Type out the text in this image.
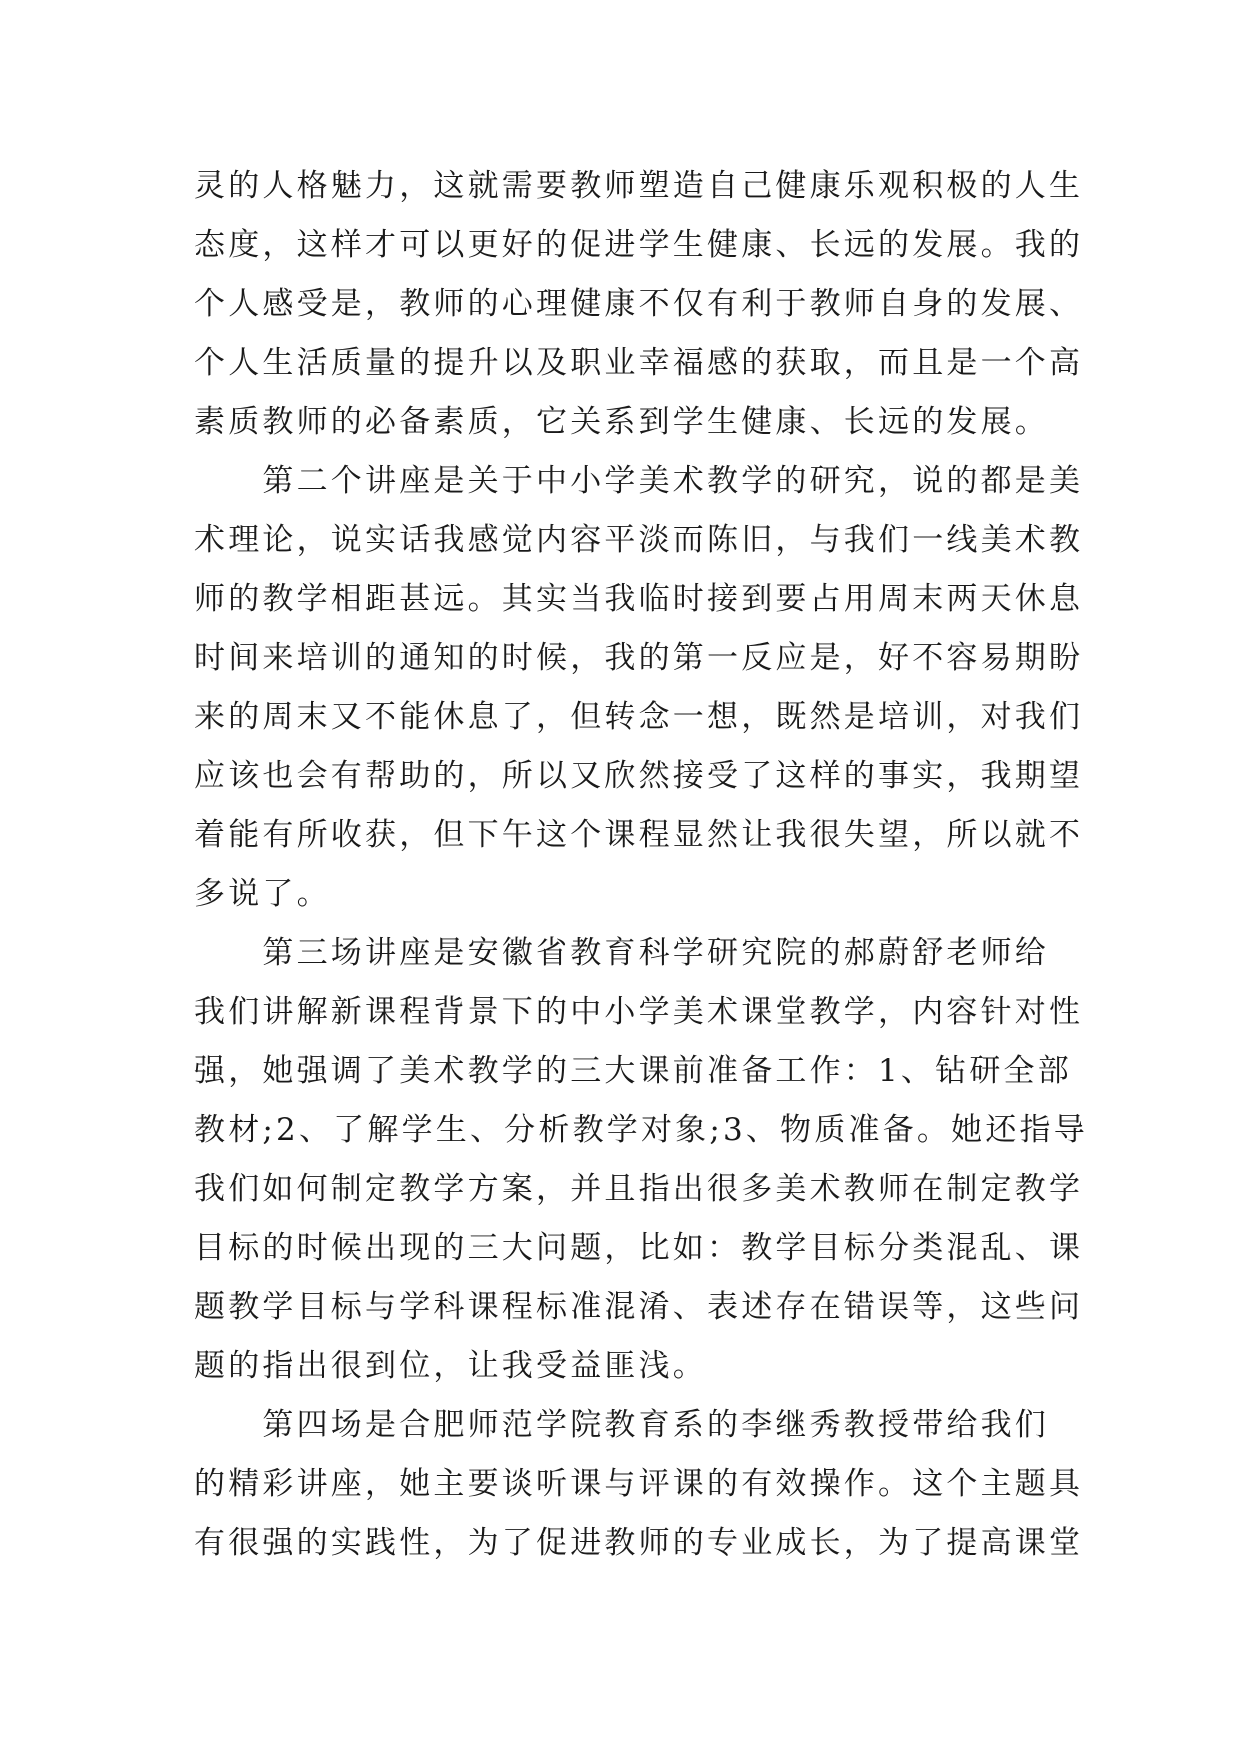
灵的人格魅力，这就需要教师塑造自己健康乐观积极的人生
态度，这样才可以更好的促进学生健康、长远的发展。我的
个人感受是，教师的心理健康不仅有利于教师自身的发展、
个人生活质量的提升以及职业幸福感的获取，而且是一个高
素质教师的必备素质，它关系到学生健康、长远的发展。
　　第二个讲座是关于中小学美术教学的研究，说的都是美
术理论，说实话我感觉内容平淡而陈旧，与我们一线美术教
师的教学相距甚远。其实当我临时接到要占用周末两天休息
时间来培训的通知的时候，我的第一反应是，好不容易期盼
来的周末又不能休息了，但转念一想，既然是培训，对我们
应该也会有帮助的，所以又欣然接受了这样的事实，我期望
着能有所收获，但下午这个课程显然让我很失望，所以就不
多说了。
　　第三场讲座是安徽省教育科学研究院的郝蔚舒老师给
我们讲解新课程背景下的中小学美术课堂教学，内容针对性
强，她强调了美术教学的三大课前准备工作：1、钻研全部
教材;2、了解学生、分析教学对象;3、物质准备。她还指导
我们如何制定教学方案，并且指出很多美术教师在制定教学
目标的时候出现的三大问题，比如：教学目标分类混乱、课
题教学目标与学科课程标准混淆、表述存在错误等，这些问
题的指出很到位，让我受益匪浅。
　　第四场是合肥师范学院教育系的李继秀教授带给我们
的精彩讲座，她主要谈听课与评课的有效操作。这个主题具
有很强的实践性，为了促进教师的专业成长，为了提高课堂
